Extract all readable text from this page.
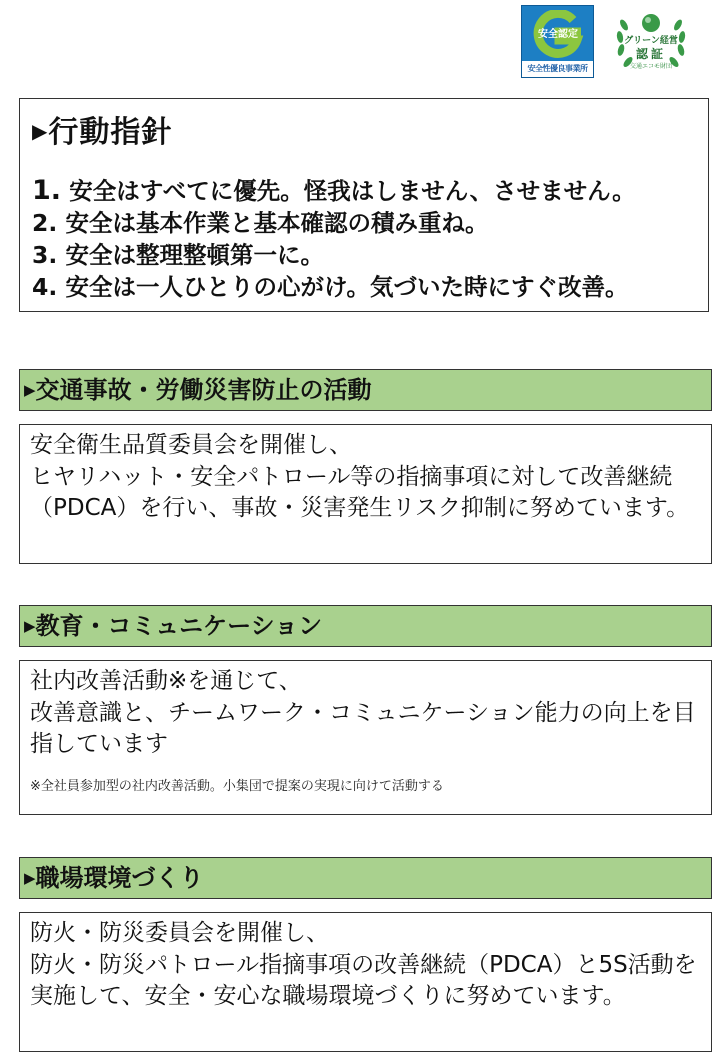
安全認定
安全性優良事業所
グリーン経営
認証
交通エコモ財団
▶行動指針
1. 安全はすべてに優先。怪我はしません、させません。
2. 安全は基本作業と基本確認の積み重ね。
3. 安全は整理整頓第一に。
4. 安全は一人ひとりの心がけ。気づいた時にすぐ改善。
▶交通事故・労働災害防止の活動

安全衛生品質委員会を開催し、

ヒヤリハット・安全パトロール等の指摘事項に対して改善継続（PDCA）を行い、事故・災害発生リスク抑制に努めています。

▶教育・コミュニケーション

社内改善活動※を通じて、

改善意識と、チームワーク・コミュニケーション能力の向上を目指しています

※全社員参加型の社内改善活動。小集団で提案の実現に向けて活動する

▶職場環境づくり

防火・防災委員会を開催し、

防火・防災パトロール指摘事項の改善継続（PDCA）と5S活動を実施して、安全・安心な職場環境づくりに努めています。
